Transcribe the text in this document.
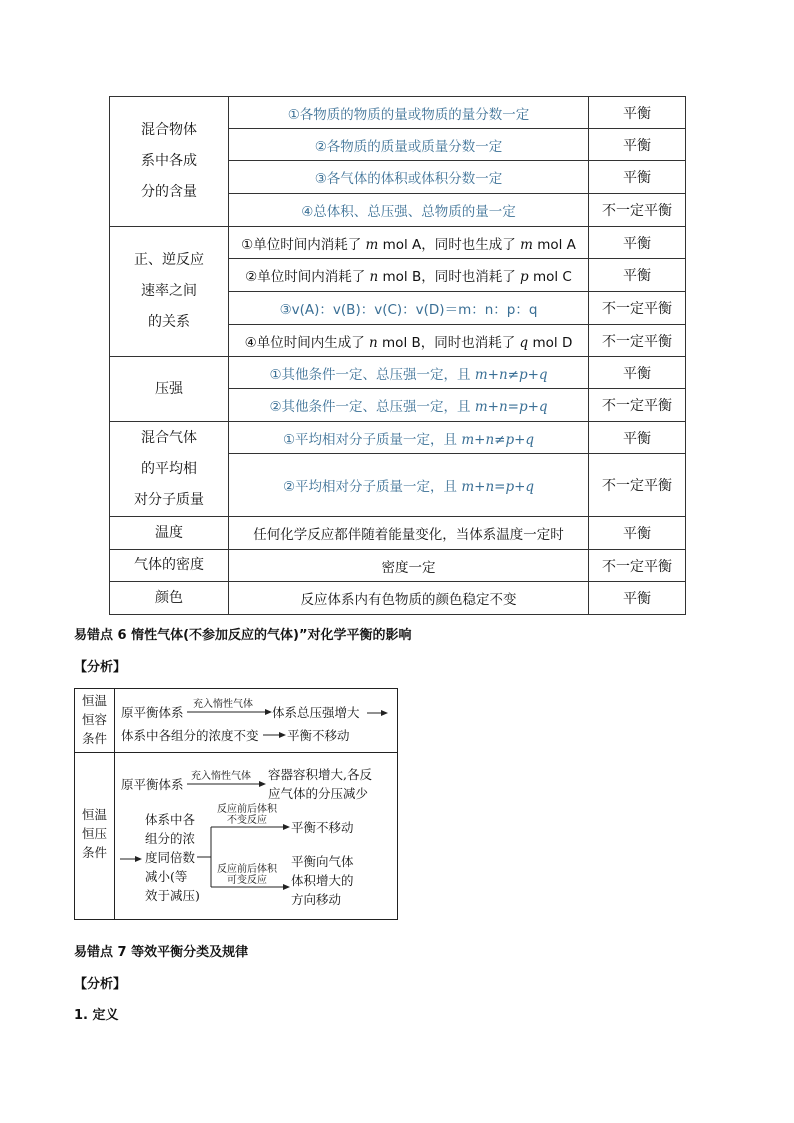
混合物体
系中各成
分的含量	①各物质的物质的量或物质的量分数一定	平衡
	②各物质的质量或质量分数一定	平衡
	③各气体的体积或体积分数一定	平衡
	④总体积、总压强、总物质的量一定	不一定平衡

正、逆反应
速率之间
的关系	①单位时间内消耗了 m mol A，同时也生成了 m mol A	平衡
	②单位时间内消耗了 n mol B，同时也消耗了 p mol C	平衡
	③v(A)：v(B)：v(C)：v(D)＝m：n：p：q	不一定平衡
	④单位时间内生成了 n mol B，同时也消耗了 q mol D	不一定平衡
压强	①其他条件一定、总压强一定，且 m+n≠p+q	平衡
	②其他条件一定、总压强一定，且 m+n=p+q	不一定平衡

混合气体
的平均相
对分子质量	①平均相对分子质量一定，且 m+n≠p+q	平衡
	②平均相对分子质量一定，且 m+n=p+q	不一定平衡
温度	任何化学反应都伴随着能量变化，当体系温度一定时	平衡
气体的密度	密度一定	不一定平衡
颜色	反应体系内有色物质的颜色稳定不变	平衡
易错点 6 惰性气体(不参加反应的气体)”对化学平衡的影响
【分析】
恒温
恒容
条件
恒温
恒压
条件
原平衡体系
充入惰性气体
体系总压强增大
体系中各组分的浓度不变 平衡不移动
原平衡体系
充入惰性气体 容器容积增大,各反
应气体的分压减少
体系中各
组分的浓
度同倍数
减小(等
效于减压)
反应前后体积
不变反应	平衡不移动
反应前后体积
可变反应
平衡向气体
体积增大的
方向移动
易错点 7 等效平衡分类及规律
【分析】
1. 定义
